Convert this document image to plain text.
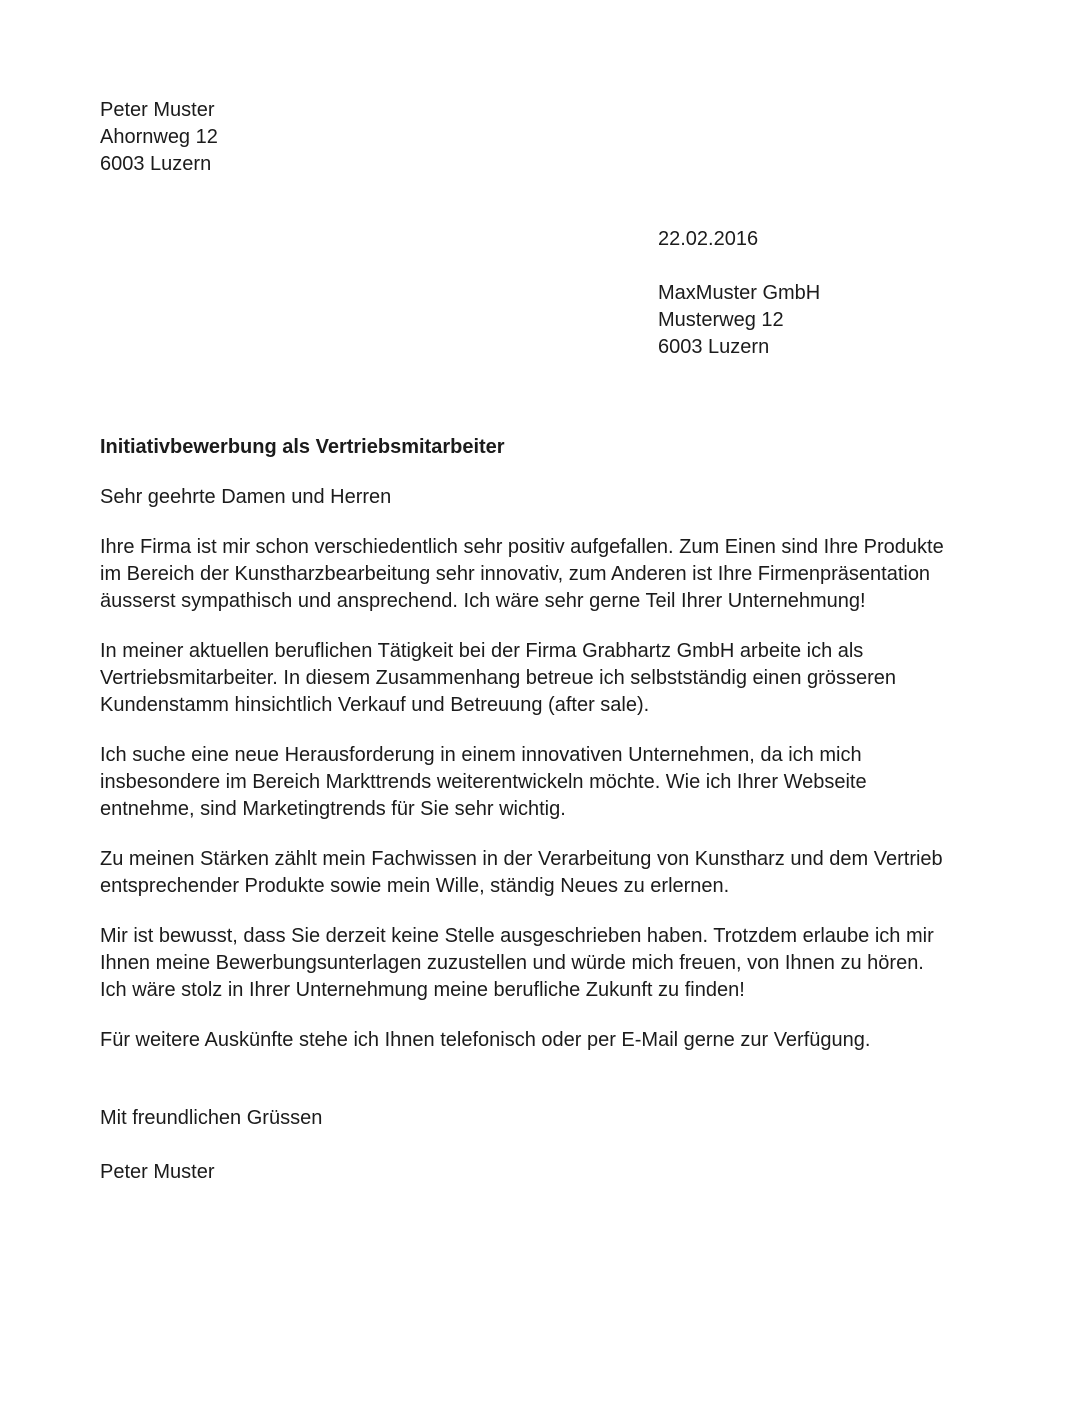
Peter Muster
Ahornweg 12
6003 Luzern
22.02.2016
MaxMuster GmbH
Musterweg 12
6003 Luzern
Initiativbewerbung als Vertriebsmitarbeiter
Sehr geehrte Damen und Herren

Ihre Firma ist mir schon verschiedentlich sehr positiv aufgefallen. Zum Einen sind Ihre Produkte im Bereich der Kunstharzbearbeitung sehr innovativ, zum Anderen ist Ihre Firmenpräsentation äusserst sympathisch und ansprechend. Ich wäre sehr gerne Teil Ihrer Unternehmung!

In meiner aktuellen beruflichen Tätigkeit bei der Firma Grabhartz GmbH arbeite ich als Vertriebsmitarbeiter. In diesem Zusammenhang betreue ich selbstständig einen grösseren Kundenstamm hinsichtlich Verkauf und Betreuung (after sale).

Ich suche eine neue Herausforderung in einem innovativen Unternehmen, da ich mich insbesondere im Bereich Markttrends weiterentwickeln möchte. Wie ich Ihrer Webseite entnehme, sind Marketingtrends für Sie sehr wichtig.

Zu meinen Stärken zählt mein Fachwissen in der Verarbeitung von Kunstharz und dem Vertrieb entsprechender Produkte sowie mein Wille, ständig Neues zu erlernen.

Mir ist bewusst, dass Sie derzeit keine Stelle ausgeschrieben haben. Trotzdem erlaube ich mir Ihnen meine Bewerbungsunterlagen zuzustellen und würde mich freuen, von Ihnen zu hören. Ich wäre stolz in Ihrer Unternehmung meine berufliche Zukunft zu finden!

Für weitere Auskünfte stehe ich Ihnen telefonisch oder per E-Mail gerne zur Verfügung.

Mit freundlichen Grüssen
Peter Muster
